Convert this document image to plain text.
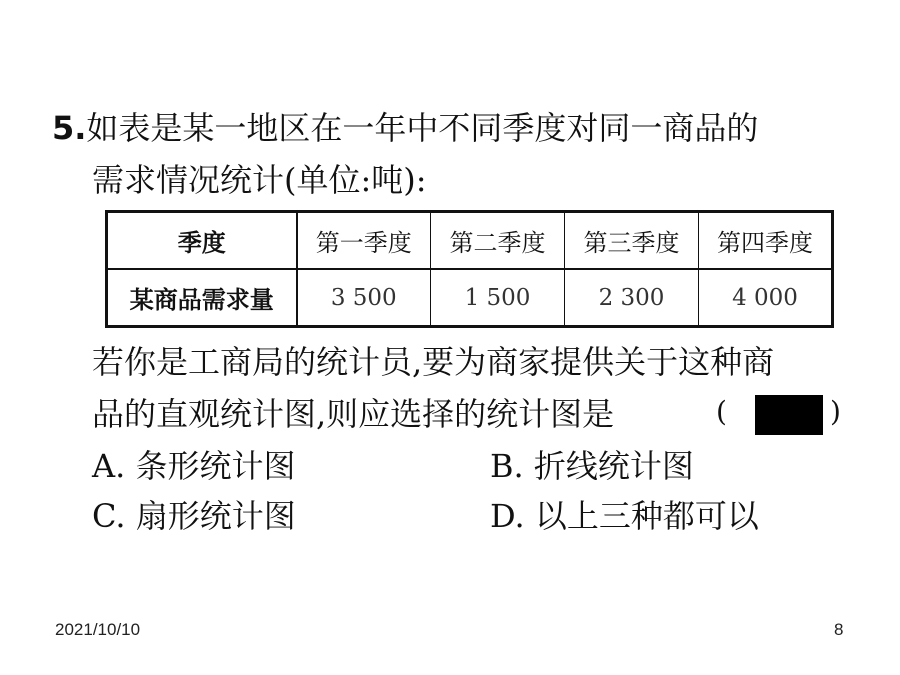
5.如表是某一地区在一年中不同季度对同一商品的
需求情况统计(单位:吨):
季度	第一季度	第二季度	第三季度	第四季度
某商品需求量	3 500	1 500	2 300	4 000
若你是工商局的统计员,要为商家提供关于这种商
品的直观统计图,则应选择的统计图是	(	)
A. 条形统计图	B. 折线统计图
C. 扇形统计图	D. 以上三种都可以
2021/10/10	8
